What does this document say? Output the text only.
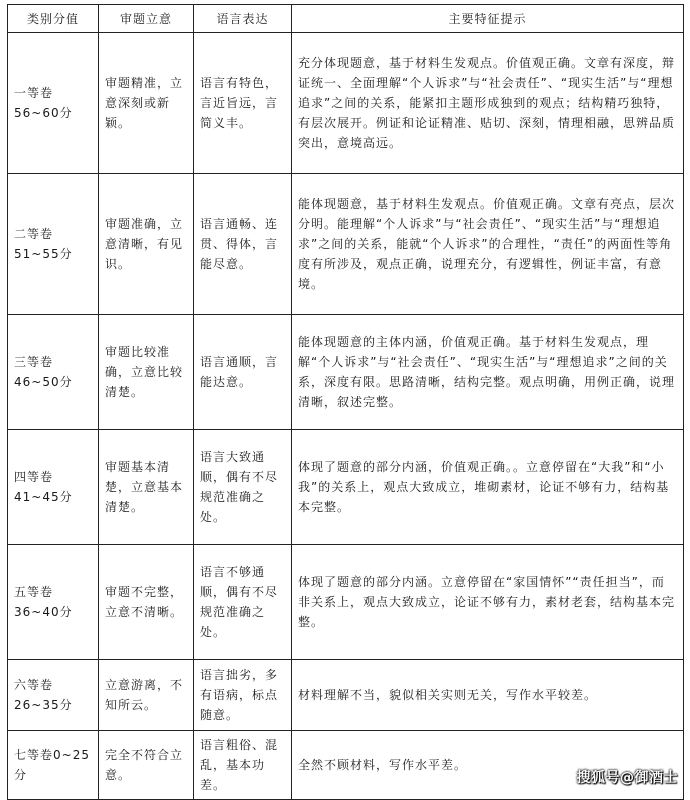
类别分值	审题立意	语言表达	主要特征提示

一等卷
56~60分	审题精准，立意深刻或新颖。	语言有特色，言近旨远，言简义丰。	充分体现题意，基于材料生发观点。价值观正确。文章有深度，辩证统一、全面理解“个人诉求”与“社会责任”、“现实生活”与“理想追求”之间的关系，能紧扣主题形成独到的观点；结构精巧独特，有层次展开。例证和论证精准、贴切、深刻，情理相融，思辨品质突出，意境高远。

二等卷
51~55分	审题准确，立意清晰，有见识。	语言通畅、连贯、得体，言能尽意。	能体现题意，基于材料生发观点。价值观正确。文章有亮点，层次分明。能理解“个人诉求”与“社会责任”、“现实生活”与“理想追求”之间的关系，能就“个人诉求”的合理性，“责任”的两面性等角度有所涉及，观点正确，说理充分，有逻辑性，例证丰富，有意境。

三等卷
46~50分	审题比较准确，立意比较清楚。	语言通顺，言能达意。	能体现题意的主体内涵，价值观正确。基于材料生发观点，理解“个人诉求”与“社会责任”、“现实生活”与“理想追求”之间的关系，深度有限。思路清晰，结构完整。观点明确，用例正确，说理清晰，叙述完整。

四等卷
41~45分	审题基本清楚，立意基本清楚。	语言大致通顺，偶有不尽规范准确之处。	体现了题意的部分内涵，价值观正确。。立意停留在“大我”和“小我”的关系上，观点大致成立，堆砌素材，论证不够有力，结构基本完整。

五等卷
36~40分	审题不完整，立意不清晰。	语言不够通顺，偶有不尽规范准确之处。	体现了题意的部分内涵。立意停留在“家国情怀”“责任担当”，而非关系上，观点大致成立，论证不够有力，素材老套，结构基本完整。

六等卷
26~35分	立意游离，不知所云。	语言拙劣，多有语病，标点随意。	材料理解不当，貌似相关实则无关，写作水平较差。

七等卷0~25分	完全不符合立意。	语言粗俗、混乱，基本功差。	全然不顾材料，写作水平差。
搜狐号@御酒士
